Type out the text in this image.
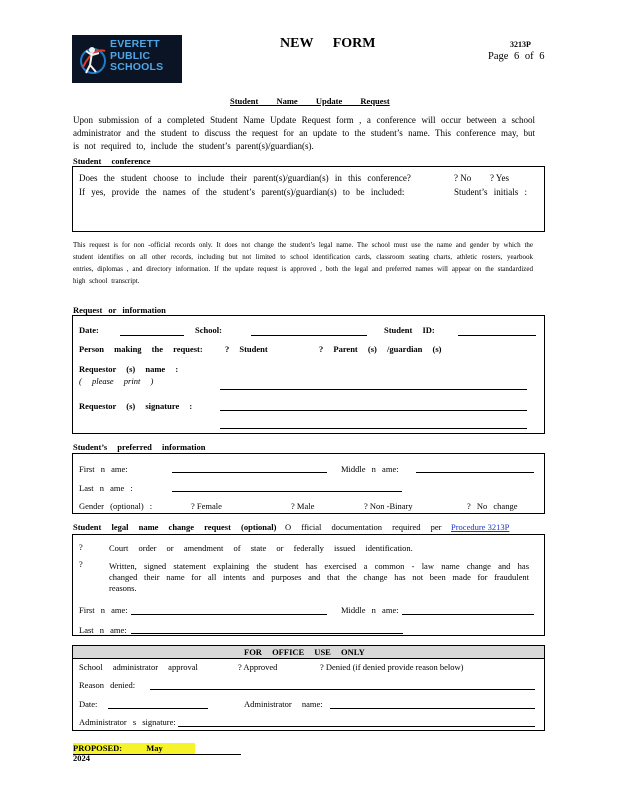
EVERETT
PUBLIC
SCHOOLS
NEW FORM	3213P
Page 6 of 6
Student Name Update Request
Upon submission of a completed Student Name Update Request form , a conference will occur between a school administrator and the student to discuss the request for an update to the student’s name. This conference may, but is not required to, include the student’s parent(s)/guardian(s).
Student conference
Does the student choose to include their parent(s)/guardian(s) in this conference?	? No ? Yes
If yes, provide the names of the student’s parent(s)/guardian(s) to be included:	Student’s initials :
This request is for non -official records only. It does not change the student’s legal name. The school must use the name and gender by which the student identifies on all other records, including but not limited to school identification cards, classroom seating charts, athletic rosters, yearbook entries, diplomas , and directory information. If the update request is approved , both the legal and preferred names will appear on the standardized high school transcript.
Request or information
Date:	School:	Student ID:
Person making the request:	? Student	? Parent (s) /guardian (s)
Requestor (s) name :
( please print )
Requestor (s) signature :
Student’s preferred information
First n ame:	Middle n ame:
Last n ame :
Gender (optional) :	? Female	? Male	? Non -Binary	? No change
Student legal name change request (optional) O fficial documentation required per Procedure 3213P
?	Court order or amendment of state or federally issued identification.
?	Written, signed statement explaining the student has exercised a common - law name change and has changed their name for all intents and purposes and that the change has not been made for fraudulent reasons.
First n ame:	Middle n ame:
Last n ame:
FOR OFFICE USE ONLY
School administrator approval	? Approved	? Denied (if denied provide reason below)
Reason denied:
Date:	Administrator name:
Administrator s signature:
PROPOSED: May 2024
